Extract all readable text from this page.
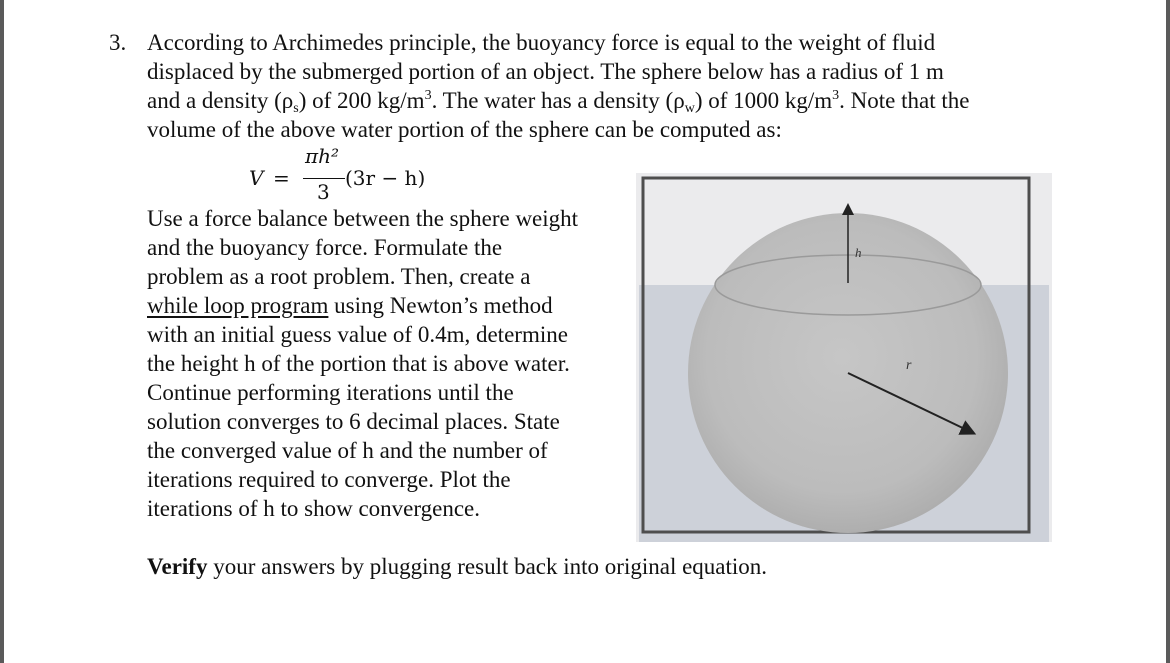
3. According to Archimedes principle, the buoyancy force is equal to the weight of fluid
displaced by the submerged portion of an object. The sphere below has a radius of 1 m
and a density (ρs) of 200 $kg/m^3$. The water has a density (ρw) of 1000 $kg/m^3$. Note that the
volume of the above water portion of the sphere can be computed as:
V =
πh²
3
(3r − h)
Use a force balance between the sphere weight
and the buoyancy force. Formulate the
problem as a root problem. Then, create a
while loop program using Newton’s method
with an initial guess value of 0.4m, determine
the height h of the portion that is above water.
Continue performing iterations until the
solution converges to 6 decimal places. State
the converged value of h and the number of
iterations required to converge. Plot the
iterations of h to show convergence.
h
r
Verify your answers by plugging result back into original equation.
